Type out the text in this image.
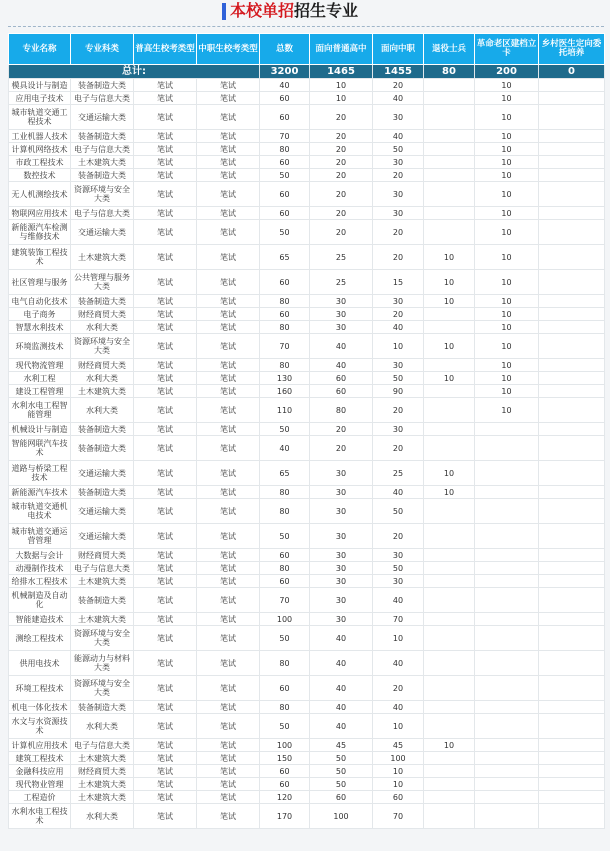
本校单招招生专业
专业名称	专业科类	普高生校考类型	中职生校考类型	总数	面向普通高中	面向中职	退役士兵	革命老区建档立卡	乡村医生定向委托培养
总计:				3200	1465	1455	80	200	0
模具设计与制造	装备制造大类	笔试	笔试	40	10	20		10	
应用电子技术	电子与信息大类	笔试	笔试	60	10	40		10	
城市轨道交通工程技术	交通运输大类	笔试	笔试	60	20	30		10	
工业机器人技术	装备制造大类	笔试	笔试	70	20	40		10	
计算机网络技术	电子与信息大类	笔试	笔试	80	20	50		10	
市政工程技术	土木建筑大类	笔试	笔试	60	20	30		10	
数控技术	装备制造大类	笔试	笔试	50	20	20		10	
无人机测绘技术	资源环境与安全大类	笔试	笔试	60	20	30		10	
物联网应用技术	电子与信息大类	笔试	笔试	60	20	30		10	
新能源汽车检测与维修技术	交通运输大类	笔试	笔试	50	20	20		10	
建筑装饰工程技术	土木建筑大类	笔试	笔试	65	25	20	10	10	
社区管理与服务	公共管理与服务大类	笔试	笔试	60	25	15	10	10	
电气自动化技术	装备制造大类	笔试	笔试	80	30	30	10	10	
电子商务	财经商贸大类	笔试	笔试	60	30	20		10	
智慧水利技术	水利大类	笔试	笔试	80	30	40		10	
环境监测技术	资源环境与安全大类	笔试	笔试	70	40	10	10	10	
现代物流管理	财经商贸大类	笔试	笔试	80	40	30		10	
水利工程	水利大类	笔试	笔试	130	60	50	10	10	
建设工程管理	土木建筑大类	笔试	笔试	160	60	90		10	
水利水电工程智能管理	水利大类	笔试	笔试	110	80	20		10	
机械设计与制造	装备制造大类	笔试	笔试	50	20	30			
智能网联汽车技术	装备制造大类	笔试	笔试	40	20	20			
道路与桥梁工程技术	交通运输大类	笔试	笔试	65	30	25	10		
新能源汽车技术	装备制造大类	笔试	笔试	80	30	40	10		
城市轨道交通机电技术	交通运输大类	笔试	笔试	80	30	50			
城市轨道交通运营管理	交通运输大类	笔试	笔试	50	30	20			
大数据与会计	财经商贸大类	笔试	笔试	60	30	30			
动漫制作技术	电子与信息大类	笔试	笔试	80	30	50			
给排水工程技术	土木建筑大类	笔试	笔试	60	30	30			
机械制造及自动化	装备制造大类	笔试	笔试	70	30	40			
智能建造技术	土木建筑大类	笔试	笔试	100	30	70			
测绘工程技术	资源环境与安全大类	笔试	笔试	50	40	10			
供用电技术	能源动力与材料大类	笔试	笔试	80	40	40			
环境工程技术	资源环境与安全大类	笔试	笔试	60	40	20			
机电一体化技术	装备制造大类	笔试	笔试	80	40	40			
水文与水资源技术	水利大类	笔试	笔试	50	40	10			
计算机应用技术	电子与信息大类	笔试	笔试	100	45	45	10		
建筑工程技术	土木建筑大类	笔试	笔试	150	50	100			
金融科技应用	财经商贸大类	笔试	笔试	60	50	10			
现代物业管理	土木建筑大类	笔试	笔试	60	50	10			
工程造价	土木建筑大类	笔试	笔试	120	60	60			
水利水电工程技术	水利大类	笔试	笔试	170	100	70			
